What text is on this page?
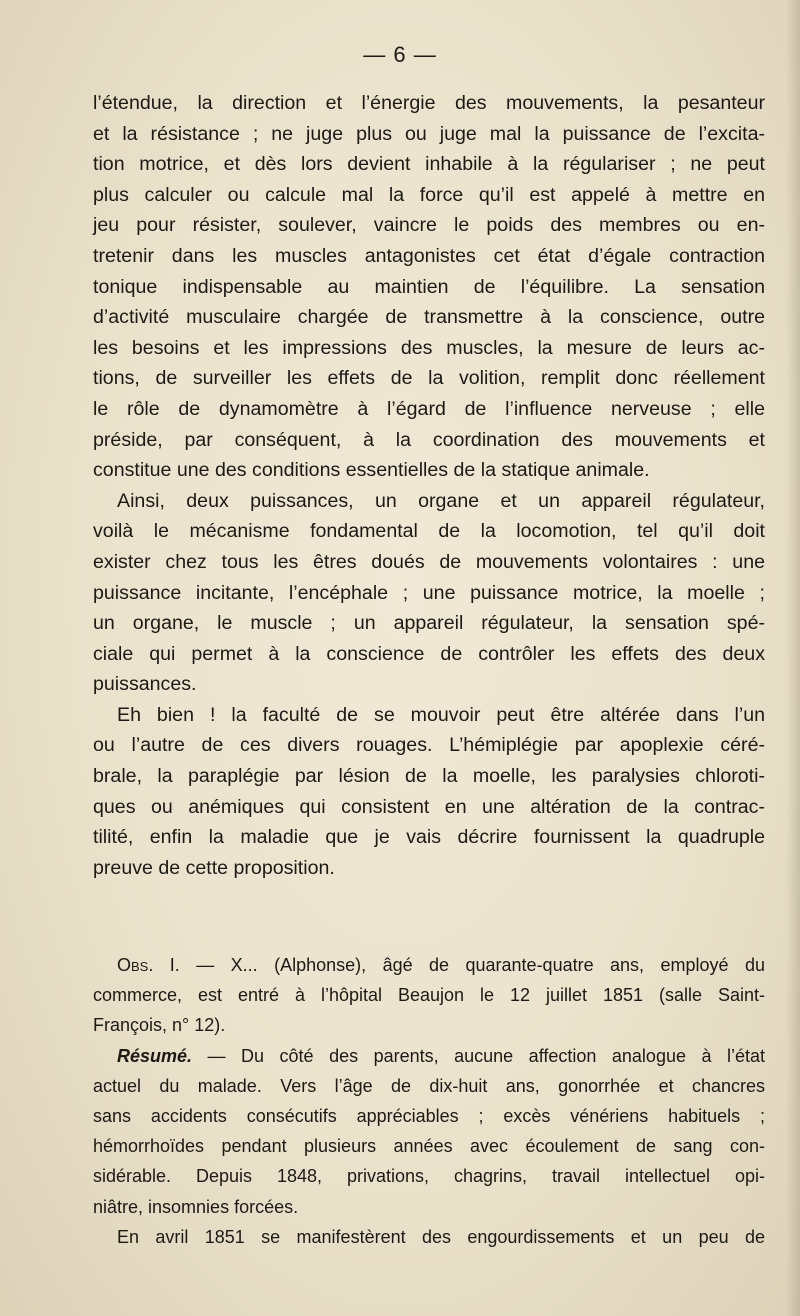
— 6 —
l’étendue, la direction et l’énergie des mouvements, la pesanteur
et la résistance ; ne juge plus ou juge mal la puissance de l’excita-
tion motrice, et dès lors devient inhabile à la régulariser ; ne peut
plus calculer ou calcule mal la force qu’il est appelé à mettre en
jeu pour résister, soulever, vaincre le poids des membres ou en-
tretenir dans les muscles antagonistes cet état d’égale contraction
tonique indispensable au maintien de l’équilibre. La sensation
d’activité musculaire chargée de transmettre à la conscience, outre
les besoins et les impressions des muscles, la mesure de leurs ac-
tions, de surveiller les effets de la volition, remplit donc réellement
le rôle de dynamomètre à l’égard de l’influence nerveuse ; elle
préside, par conséquent, à la coordination des mouvements et
constitue une des conditions essentielles de la statique animale.
Ainsi, deux puissances, un organe et un appareil régulateur,
voilà le mécanisme fondamental de la locomotion, tel qu’il doit
exister chez tous les êtres doués de mouvements volontaires : une
puissance incitante, l’encéphale ; une puissance motrice, la moelle ;
un organe, le muscle ; un appareil régulateur, la sensation spé-
ciale qui permet à la conscience de contrôler les effets des deux
puissances.
Eh bien ! la faculté de se mouvoir peut être altérée dans l’un
ou l’autre de ces divers rouages. L’hémiplégie par apoplexie céré-
brale, la paraplégie par lésion de la moelle, les paralysies chloroti-
ques ou anémiques qui consistent en une altération de la contrac-
tilité, enfin la maladie que je vais décrire fournissent la quadruple
preuve de cette proposition.
Obs. I. — X... (Alphonse), âgé de quarante-quatre ans, employé du
commerce, est entré à l’hôpital Beaujon le 12 juillet 1851 (salle Saint-
François, n° 12).
Résumé. — Du côté des parents, aucune affection analogue à l’état
actuel du malade. Vers l’âge de dix-huit ans, gonorrhée et chancres
sans accidents consécutifs appréciables ; excès vénériens habituels ;
hémorrhoïdes pendant plusieurs années avec écoulement de sang con-
sidérable. Depuis 1848, privations, chagrins, travail intellectuel opi-
niâtre, insomnies forcées.
En avril 1851 se manifestèrent des engourdissements et un peu de
